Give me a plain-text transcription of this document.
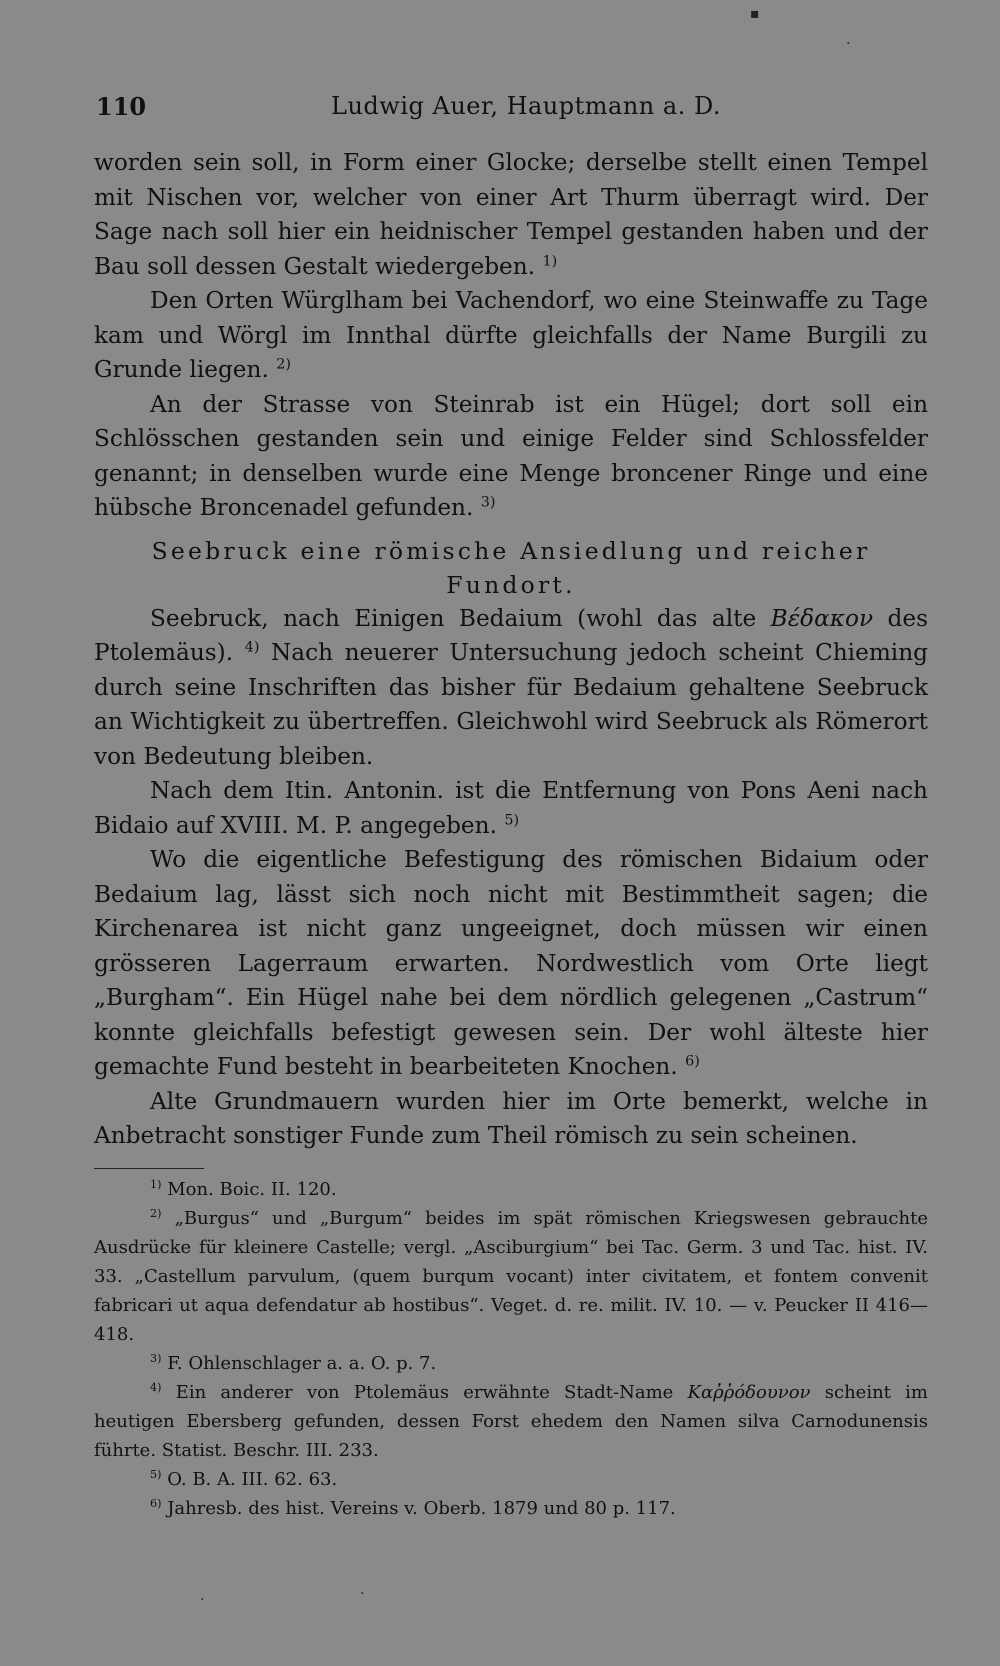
110	Ludwig Auer, Hauptmann a. D.

worden sein soll, in Form einer Glocke; derselbe stellt einen Tempel mit Nischen vor, welcher von einer Art Thurm überragt wird. Der Sage nach soll hier ein heidnischer Tempel gestanden haben und der Bau soll dessen Gestalt wiedergeben. $^{1)}$

Den Orten Würglham bei Vachendorf, wo eine Steinwaffe zu Tage kam und Wörgl im Innthal dürfte gleichfalls der Name Burgili zu Grunde liegen. $^{2)}$

An der Strasse von Steinrab ist ein Hügel; dort soll ein Schlösschen gestanden sein und einige Felder sind Schlossfelder genannt; in denselben wurde eine Menge broncener Ringe und eine hübsche Broncenadel gefunden. $^{3)}$

Seebruck eine römische Ansiedlung und reicher Fundort.

Seebruck, nach Einigen Bedaium (wohl das alte Βέδακον des Ptolemäus). $^{4)}$ Nach neuerer Untersuchung jedoch scheint Chieming durch seine Inschriften das bisher für Bedaium gehaltene Seebruck an Wichtigkeit zu übertreffen. Gleichwohl wird Seebruck als Römerort von Bedeutung bleiben.

Nach dem Itin. Antonin. ist die Entfernung von Pons Aeni nach Bidaio auf XVIII. M. P. angegeben. $^{5)}$

Wo die eigentliche Befestigung des römischen Bidaium oder Bedaium lag, lässt sich noch nicht mit Bestimmtheit sagen; die Kirchenarea ist nicht ganz ungeeignet, doch müssen wir einen grösseren Lagerraum erwarten. Nordwestlich vom Orte liegt „Burgham“. Ein Hügel nahe bei dem nördlich gelegenen „Castrum“ konnte gleichfalls befestigt gewesen sein. Der wohl älteste hier gemachte Fund besteht in bearbeiteten Knochen. $^{6)}$

Alte Grundmauern wurden hier im Orte bemerkt, welche in Anbetracht sonstiger Funde zum Theil römisch zu sein scheinen.

$^{1)}$ Mon. Boic. II. 120.

$^{2)}$ „Burgus“ und „Burgum“ beides im spät römischen Kriegswesen gebrauchte Ausdrücke für kleinere Castelle; vergl. „Asciburgium“ bei Tac. Germ. 3 und Tac. hist. IV. 33. „Castellum parvulum, (quem burqum vocant) inter civitatem, et fontem convenit fabricari ut aqua defendatur ab hostibus“. Veget. d. re. milit. IV. 10. — v. Peucker II 416—418.

$^{3)}$ F. Ohlenschlager a. a. O. p. 7.

$^{4)}$ Ein anderer von Ptolemäus erwähnte Stadt-Name Καῤῥόδουνον scheint im heutigen Ebersberg gefunden, dessen Forst ehedem den Namen silva Carnodunensis führte. Statist. Beschr. III. 233.

$^{5)}$ O. B. A. III. 62. 63.

$^{6)}$ Jahresb. des hist. Vereins v. Oberb. 1879 und 80 p. 117.

▪
·
·
·
